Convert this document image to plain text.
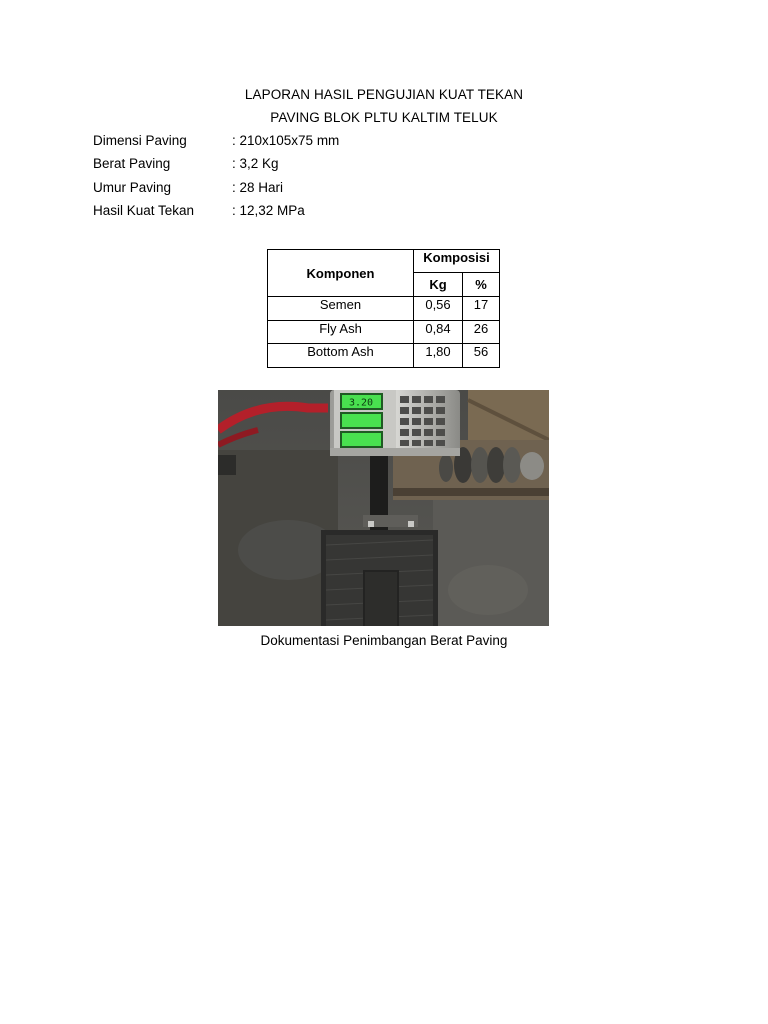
LAPORAN HASIL PENGUJIAN KUAT TEKAN
PAVING BLOK PLTU KALTIM TELUK
Dimensi Paving	: 210x105x75 mm
Berat Paving	: 3,2 Kg
Umur Paving	: 28 Hari
Hasil Kuat Tekan	: 12,32 MPa
Komponen	Komposisi	
	Kg	%
Semen	0,56	17
Fly Ash	0,84	26
Bottom Ash	1,80	56
3.20
Dokumentasi Penimbangan Berat Paving
